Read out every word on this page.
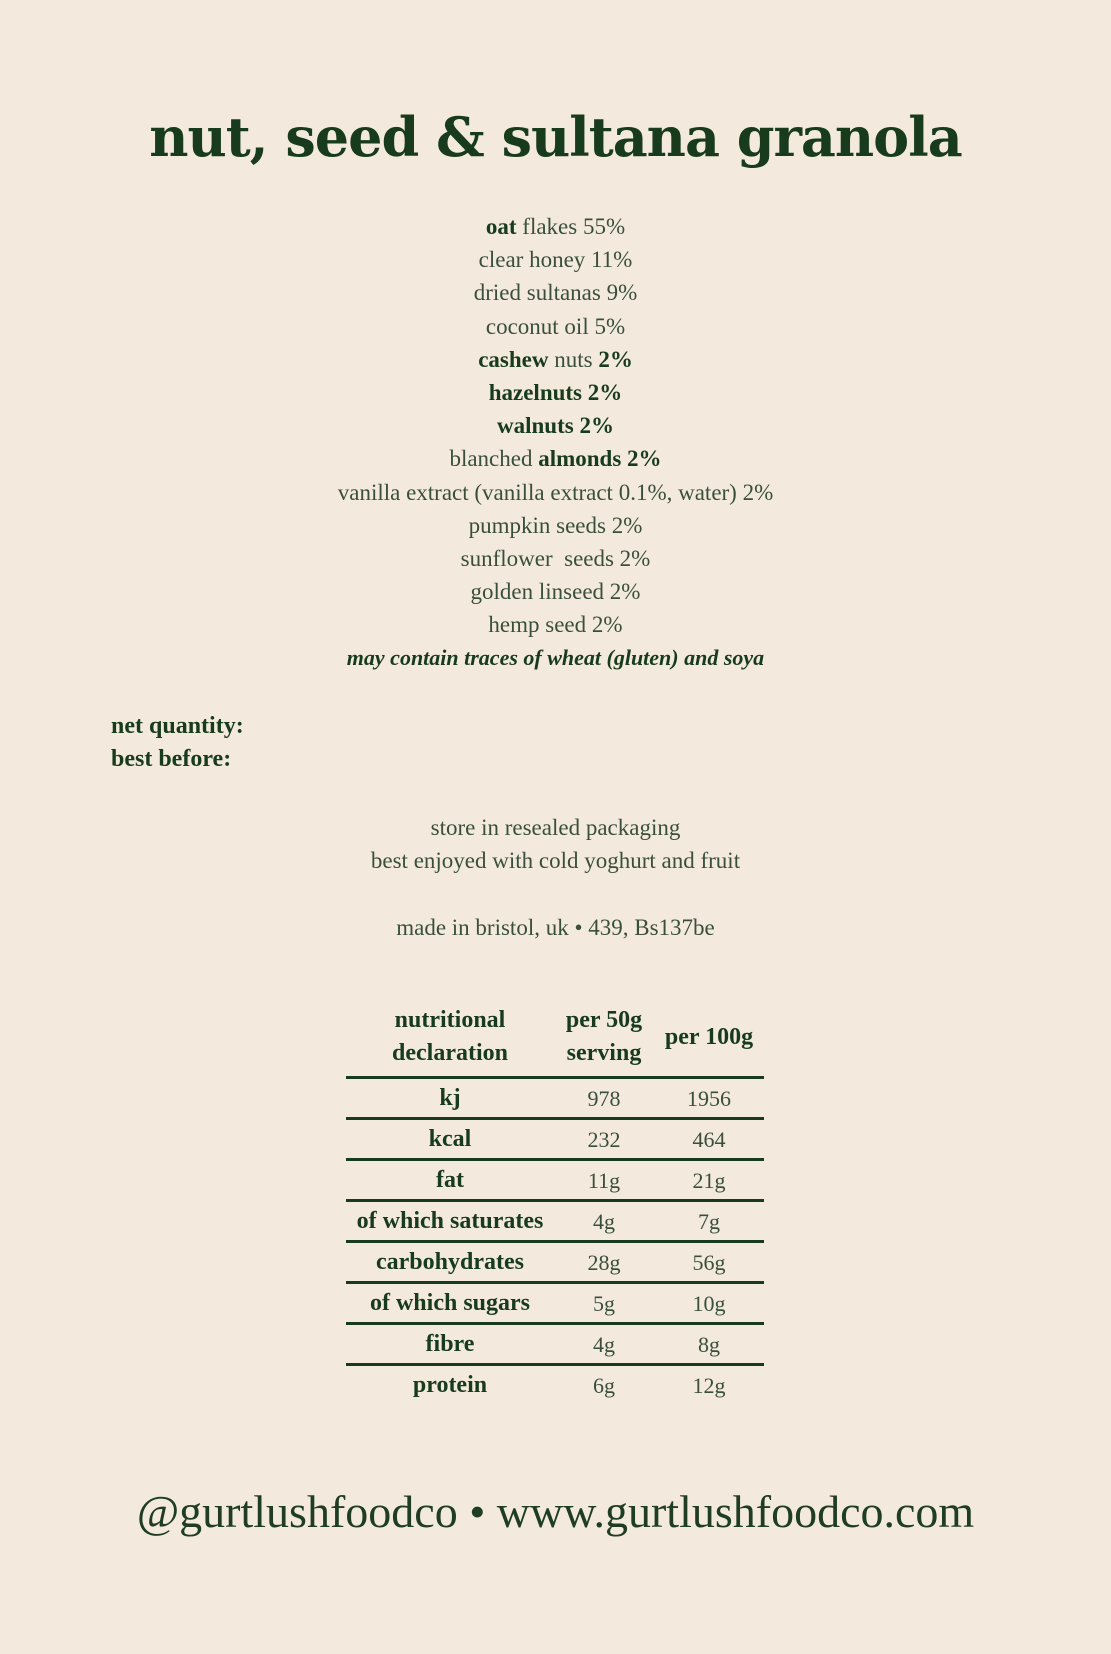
nut, seed & sultana granola
oat flakes 55%
clear honey 11%
dried sultanas 9%
coconut oil 5%
cashew nuts 2%
hazelnuts 2%
walnuts 2%
blanched almonds 2%
vanilla extract (vanilla extract 0.1%, water) 2%
pumpkin seeds 2%
sunflower  seeds 2%
golden linseed 2%
hemp seed 2%
may contain traces of wheat (gluten) and soya
net quantity:
best before:
store in resealed packaging
best enjoyed with cold yoghurt and fruit
made in bristol, uk • 439, Bs137be
nutritional declaration	per 50g serving	per 100g
kj	978	1956
kcal	232	464
fat	11g	21g
of which saturates	4g	7g
carbohydrates	28g	56g
of which sugars	5g	10g
fibre	4g	8g
protein	6g	12g
@gurtlushfoodco • www.gurtlushfoodco.com
